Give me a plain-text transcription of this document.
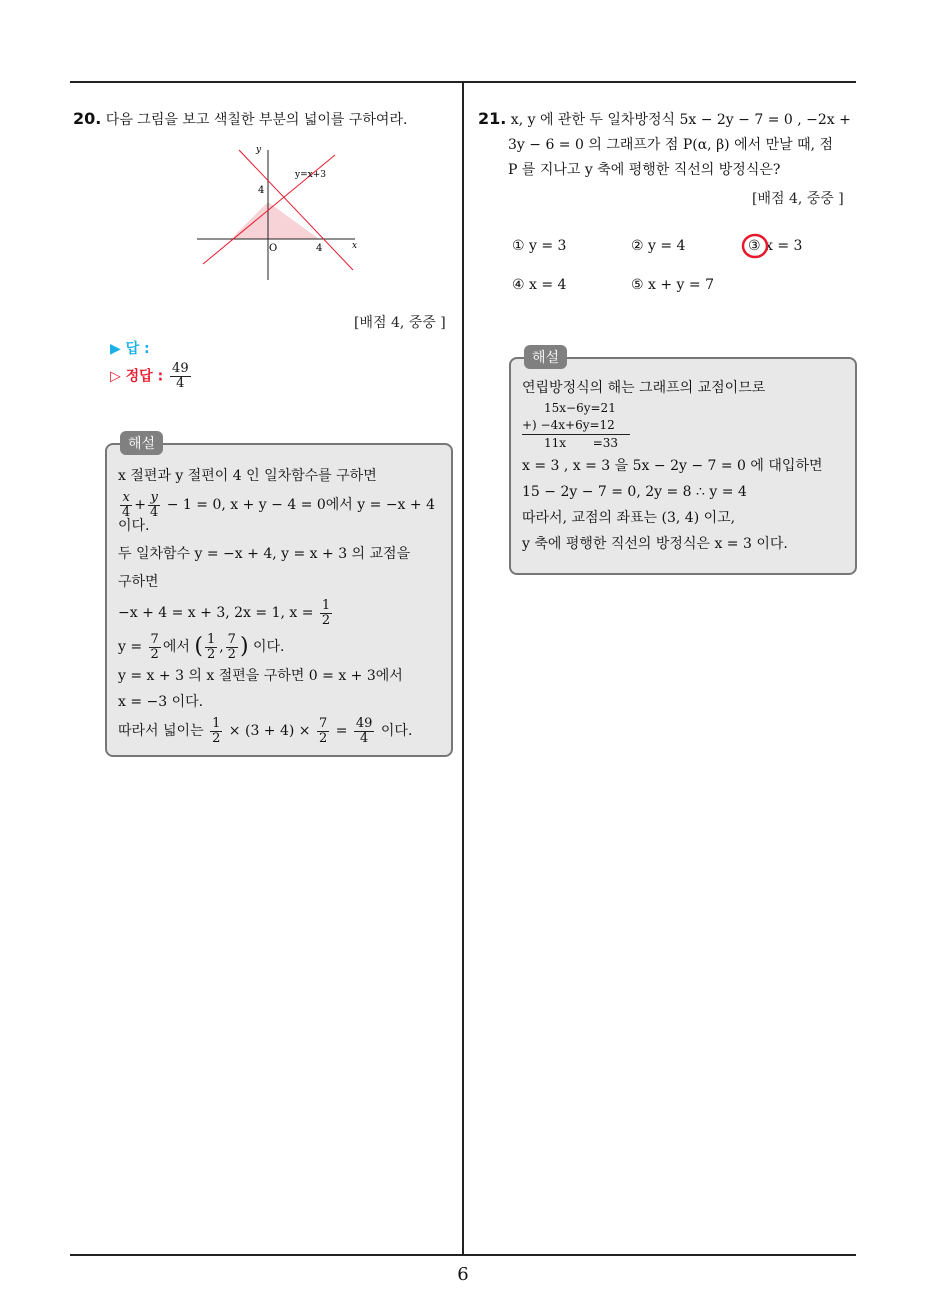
20. 다음 그림을 보고 색칠한 부분의 넓이를 구하여라.
y
x
O
4
4
y=x+3
[배점 4, 중중 ]
▶ 답 :
▷ 정답 : $\frac{49}{4}$
해설
x 절편과 y 절편이 4 인 일차함수를 구하면
$\frac{x}{4} + \frac{y}{4} - 1 = 0$, x + y − 4 = 0에서 y = −x + 4
이다.
두 일차함수 y = −x + 4, y = x + 3 의 교점을
구하면
−x + 4 = x + 3, 2x = 1, $x = \frac{1}{2}$
$y = \frac{7}{2}$ 에서 ( $\frac{1}{2}$ , $\frac{7}{2}$ ) 이다.
y = x + 3 의 x 절편을 구하면 0 = x + 3에서
x = −3 이다.
따라서 넓이는 $\frac{1}{2} \times (3 + 4) \times \frac{7}{2} = \frac{49}{4}$ 이다.
21. x, y 에 관한 두 일차방정식 5x − 2y − 7 = 0 , −2x +
3y − 6 = 0 의 그래프가 점 P(α, β) 에서 만날 때, 점
P 를 지나고 y 축에 평행한 직선의 방정식은?
[배점 4, 중중 ]
① y = 3	② y = 4	③ x = 3
④ x = 4	⑤ x + y = 7
해설
연립방정식의 해는 그래프의 교점이므로
15x−6y=21
+) −4x+6y=12
11x       =33
x = 3 , x = 3 을 5x − 2y − 7 = 0 에 대입하면
15 − 2y − 7 = 0, 2y = 8 ∴ y = 4
따라서, 교점의 좌표는 (3, 4) 이고,
y 축에 평행한 직선의 방정식은 x = 3 이다.
6
